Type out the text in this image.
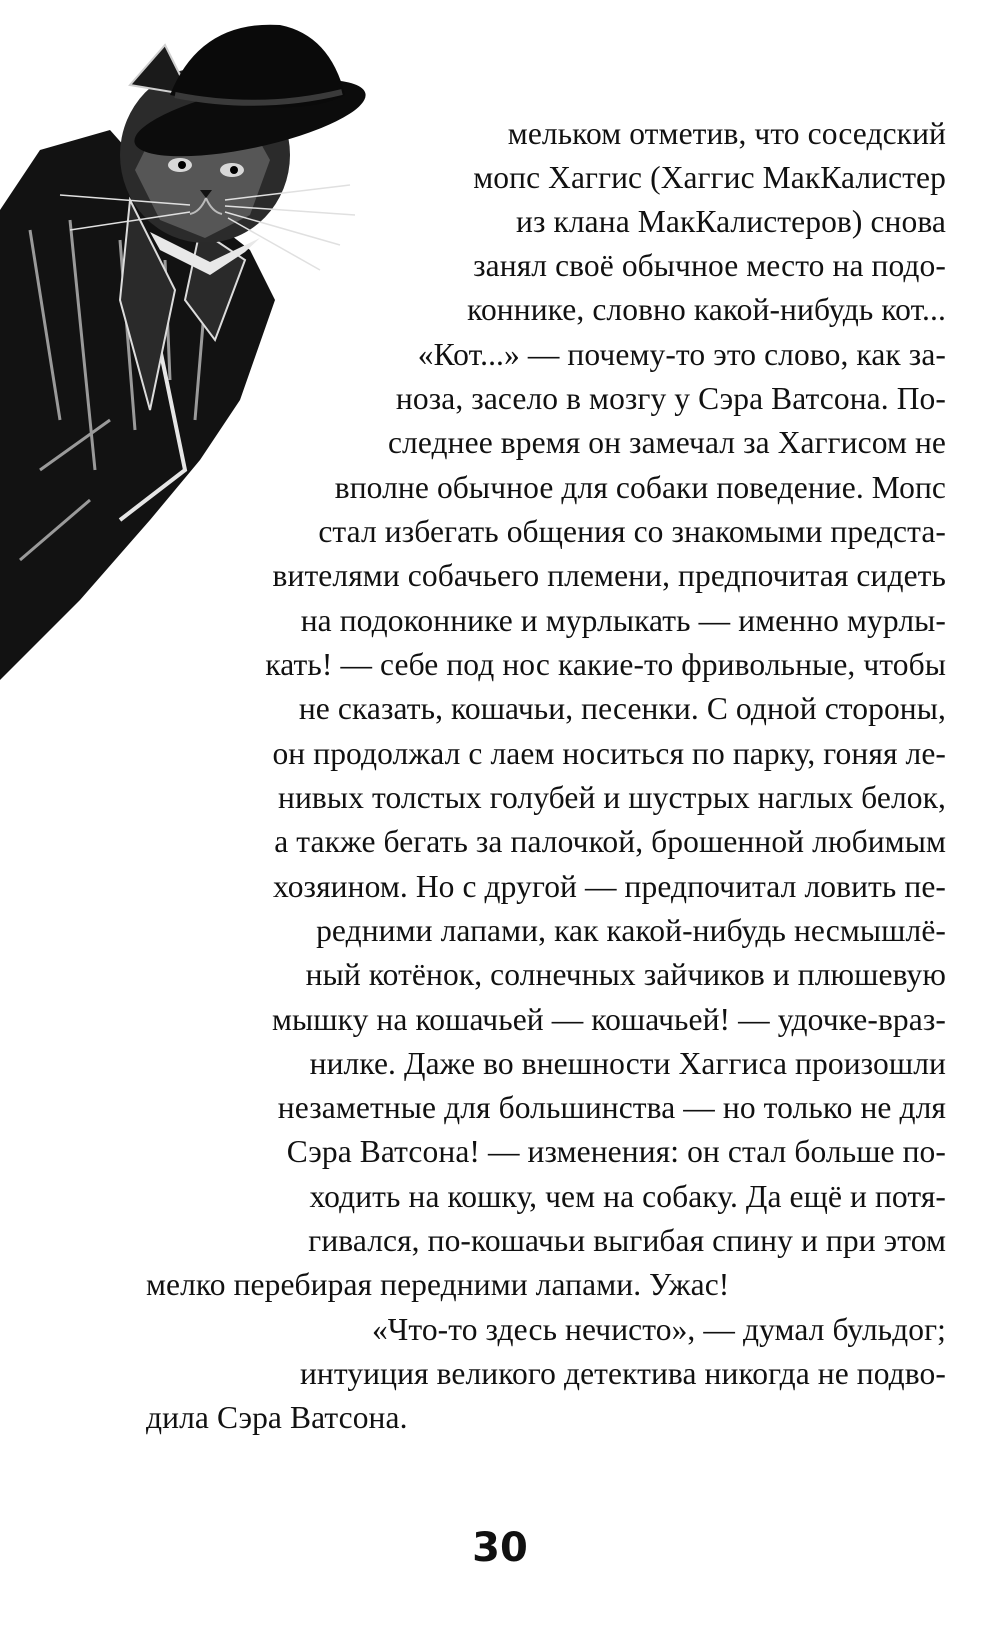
мельком отметив, что соседский
мопс Хаггис (Хаггис МакКалистер
из клана МакКалистеров) снова
занял своё обычное место на подо-
коннике, словно какой-нибудь кот...
«Кот...» — почему-то это слово, как за-
ноза, засело в мозгу у Сэра Ватсона. По-
следнее время он замечал за Хаггисом не
вполне обычное для собаки поведение. Мопс
стал избегать общения со знакомыми предста-
вителями собачьего племени, предпочитая сидеть
на подоконнике и мурлыкать — именно мурлы-
кать! — себе под нос какие-то фривольные, чтобы
не сказать, кошачьи, песенки. С одной стороны,
он продолжал с лаем носиться по парку, гоняя ле-
нивых толстых голубей и шустрых наглых белок,
а также бегать за палочкой, брошенной любимым
хозяином. Но с другой — предпочитал ловить пе-
редними лапами, как какой-нибудь несмышлё-
ный котёнок, солнечных зайчиков и плюшевую
мышку на кошачьей — кошачьей! — удочке-враз-
нилке. Даже во внешности Хаггиса произошли
незаметные для большинства — но только не для
Сэра Ватсона! — изменения: он стал больше по-
ходить на кошку, чем на собаку. Да ещё и потя-
гивался, по-кошачьи выгибая спину и при этом
мелко перебирая передними лапами. Ужас!
«Что-то здесь нечисто», — думал бульдог;
интуиция великого детектива никогда не подво-
дила Сэра Ватсона.
30
